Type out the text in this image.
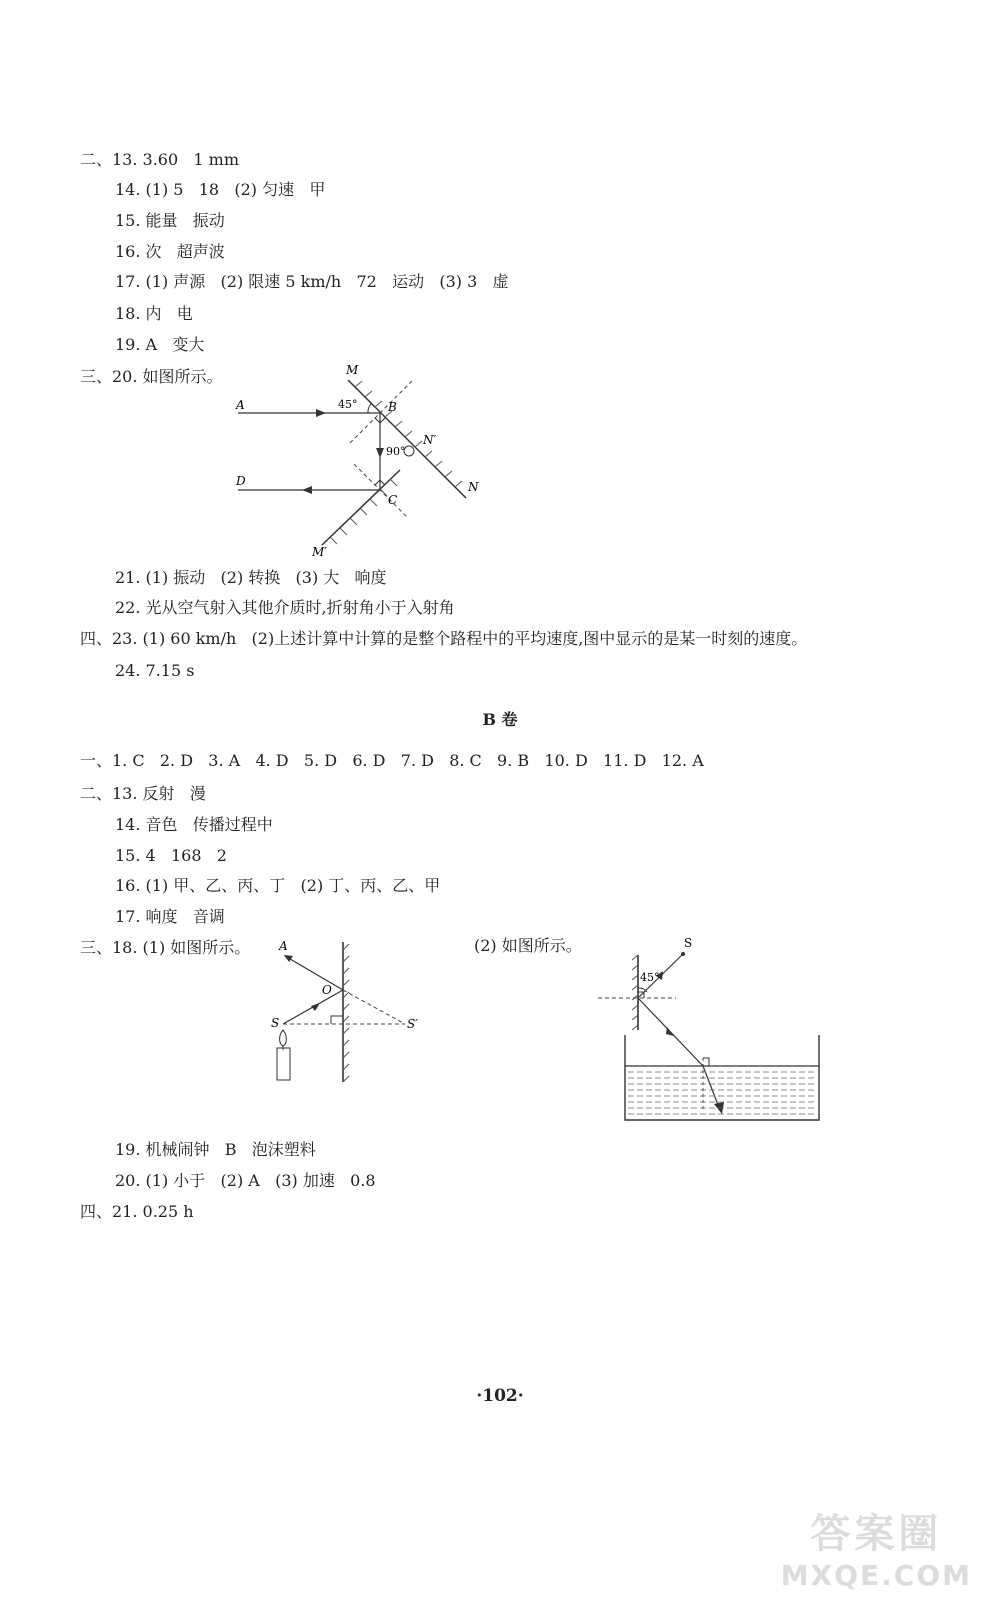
二、13. 3.60   1 mm
14. (1) 5   18   (2) 匀速   甲
15. 能量   振动
16. 次   超声波
17. (1) 声源   (2) 限速 5 km/h   72   运动   (3) 3   虚
18. 内   电
19. A   变大
三、20. 如图所示。	M
B
N′
N
A
D
C
M′
45°
90°
21. (1) 振动   (2) 转换   (3) 大   响度
22. 光从空气射入其他介质时,折射角小于入射角
四、23. (1) 60 km/h   (2)上述计算中计算的是整个路程中的平均速度,图中显示的是某一时刻的速度。
24. 7.15 s
B 卷
一、1. C   2. D   3. A   4. D   5. D   6. D   7. D   8. C   9. B   10. D   11. D   12. A
二、13. 反射   漫
14. 音色   传播过程中
15. 4   168   2
16. (1) 甲、乙、丙、丁   (2) 丁、丙、乙、甲
17. 响度   音调
三、18. (1) 如图所示。	(2) 如图所示。
A
O
S	S′
S
45°
19. 机械闹钟   B   泡沫塑料
20. (1) 小于   (2) A   (3) 加速   0.8
四、21. 0.25 h
·102·
答案圈
MXQE.COM
